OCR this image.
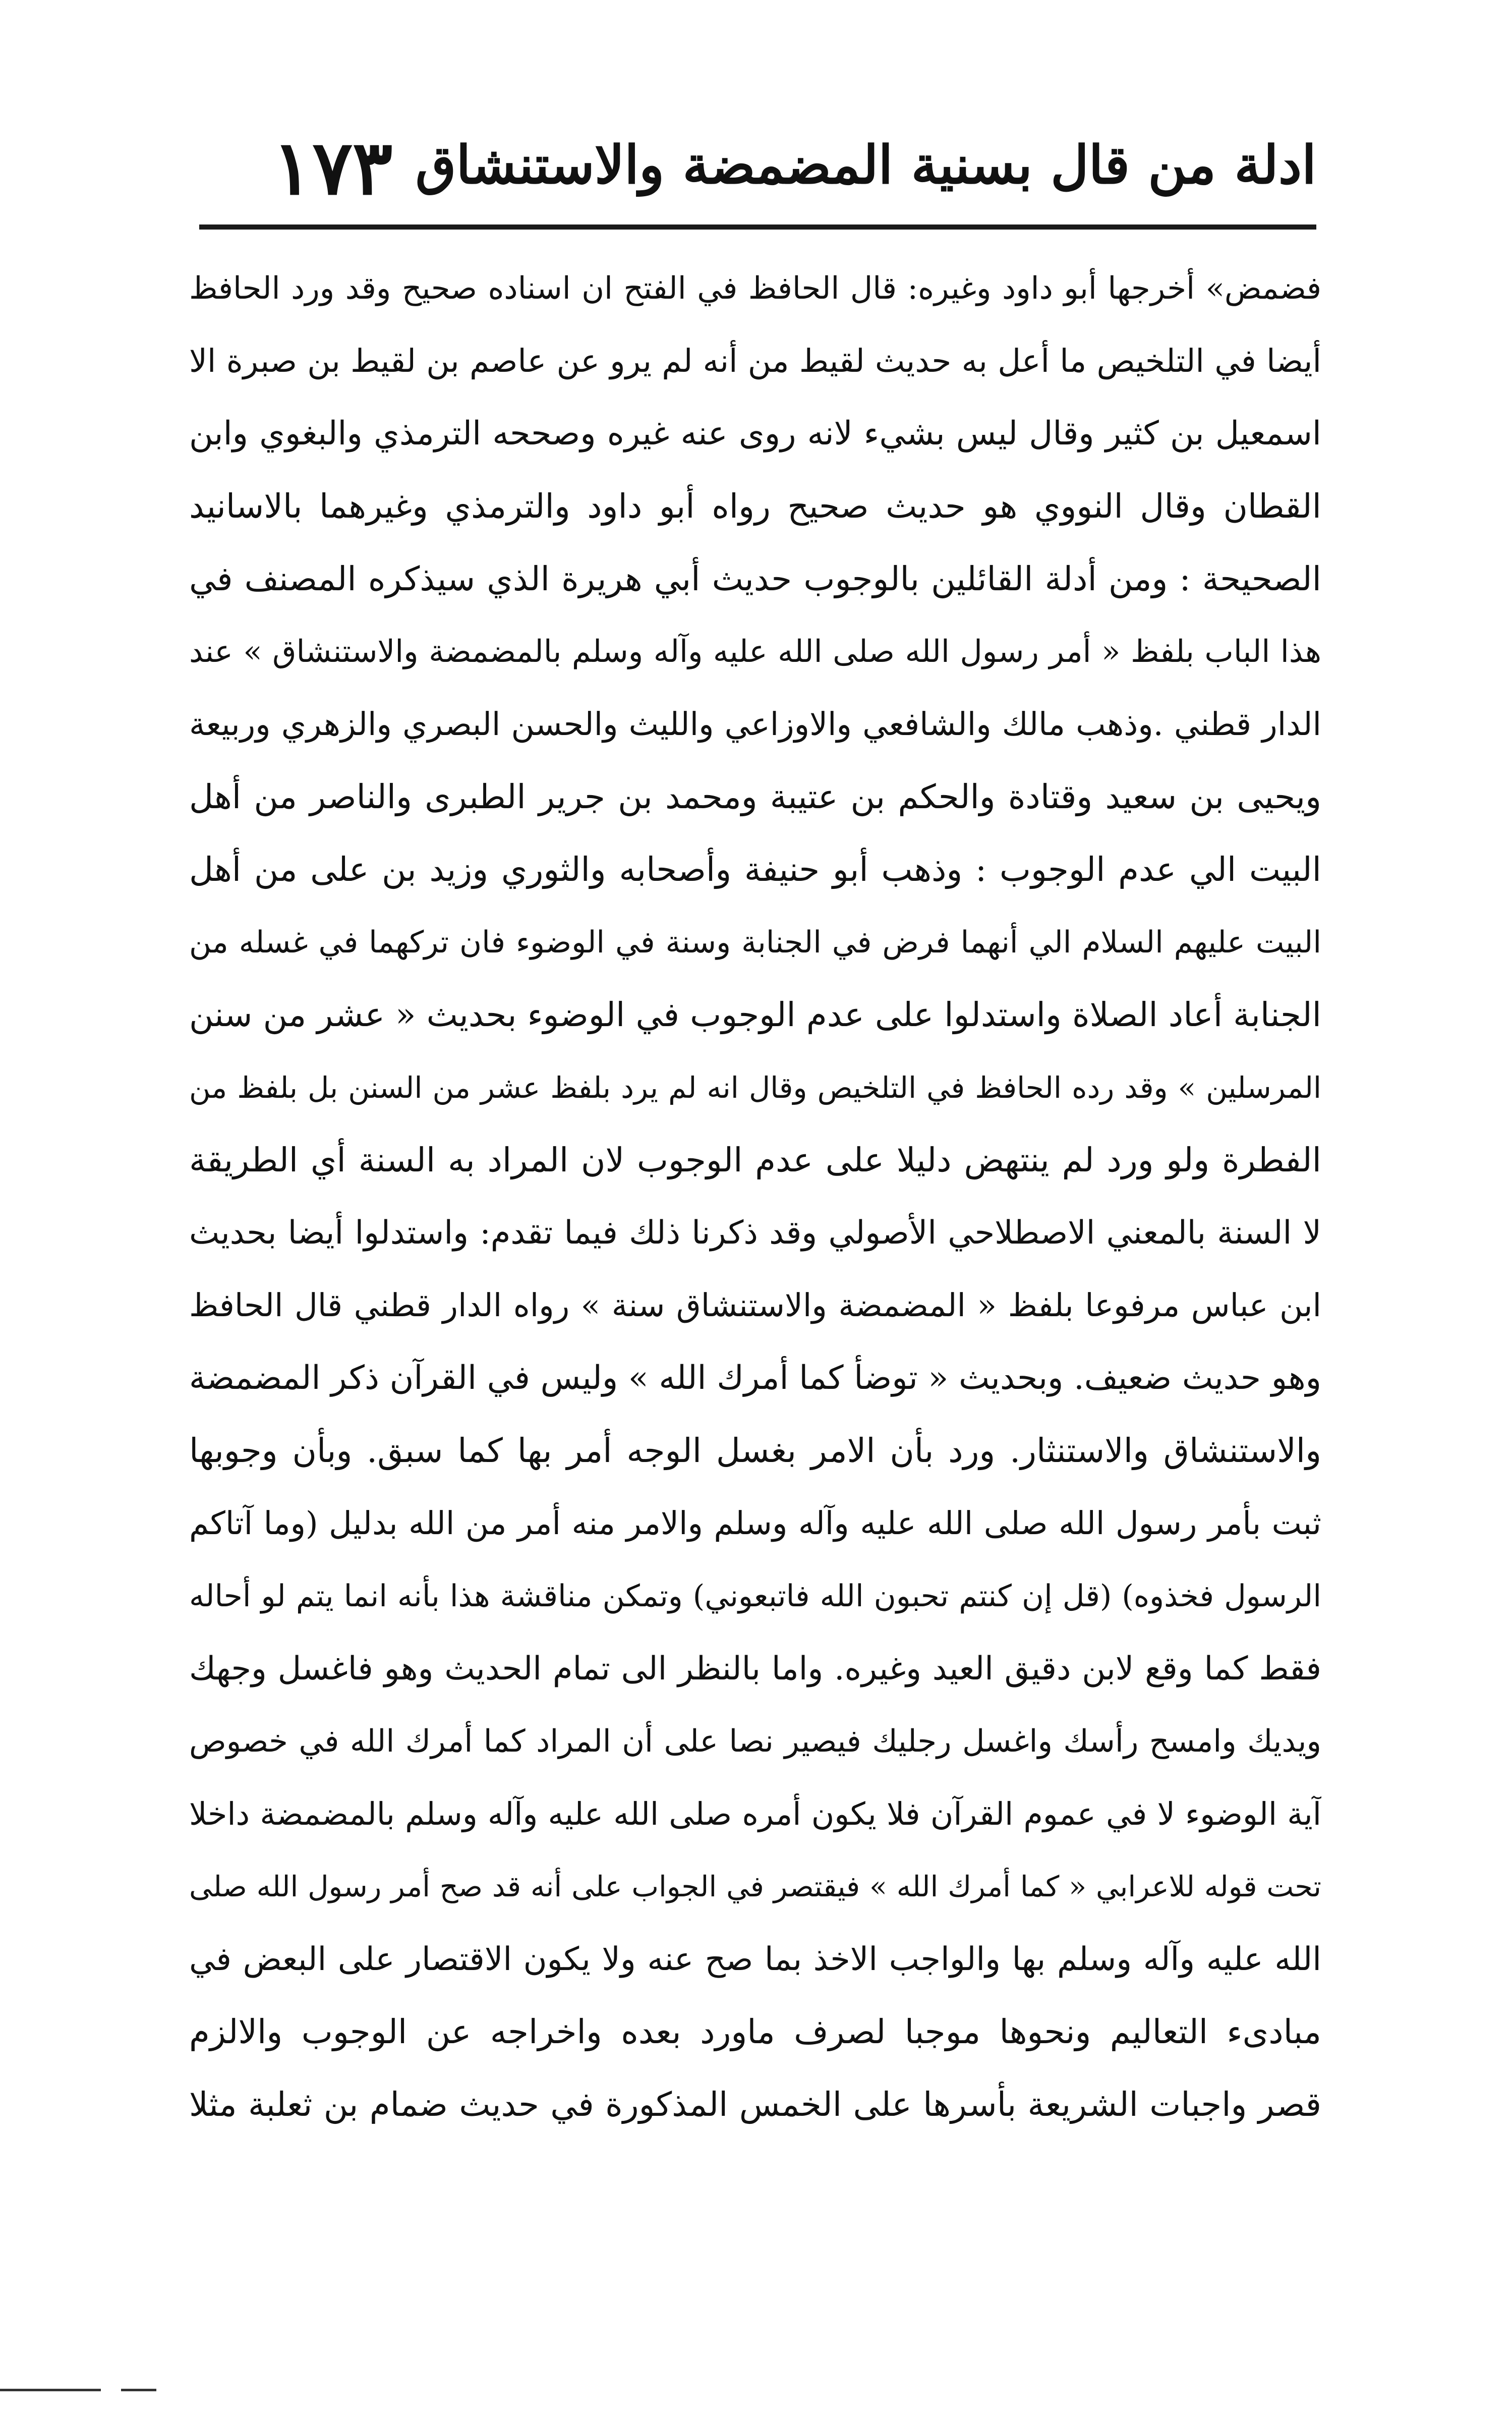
ادلة من قال بسنية المضمضة والاستنشاق
١٧٣
فضمض» أخرجها أبو داود وغيره: قال الحافظ في الفتح ان اسناده صحيح وقد ورد الحافظ
أيضا في التلخيص ما أعل به حديث لقيط من أنه لم يرو عن عاصم بن لقيط بن صبرة الا
اسمعيل بن كثير وقال ليس بشيء لانه روى عنه غيره وصححه الترمذي والبغوي وابن
القطان وقال النووي هو حديث صحيح رواه أبو داود والترمذي وغيرهما بالاسانيد
الصحيحة : ومن أدلة القائلين بالوجوب حديث أبي هريرة الذي سيذكره المصنف في
هذا الباب بلفظ « أمر رسول الله صلى الله عليه وآله وسلم بالمضمضة والاستنشاق » عند
الدار قطني .وذهب مالك والشافعي والاوزاعي والليث والحسن البصري والزهري وربيعة
ويحيى بن سعيد وقتادة والحكم بن عتيبة ومحمد بن جرير الطبرى والناصر من أهل
البيت الي عدم الوجوب : وذهب أبو حنيفة وأصحابه والثوري وزيد بن على من أهل
البيت عليهم السلام الي أنهما فرض في الجنابة وسنة في الوضوء فان تركهما في غسله من
الجنابة أعاد الصلاة واستدلوا على عدم الوجوب في الوضوء بحديث « عشر من سنن
المرسلين » وقد رده الحافظ في التلخيص وقال انه لم يرد بلفظ عشر من السنن بل بلفظ من
الفطرة ولو ورد لم ينتهض دليلا على عدم الوجوب لان المراد به السنة أي الطريقة
لا السنة بالمعني الاصطلاحي الأصولي وقد ذكرنا ذلك فيما تقدم: واستدلوا أيضا بحديث
ابن عباس مرفوعا بلفظ « المضمضة والاستنشاق سنة » رواه الدار قطني قال الحافظ
وهو حديث ضعيف. وبحديث « توضأ كما أمرك الله » وليس في القرآن ذكر المضمضة
والاستنشاق والاستنثار. ورد بأن الامر بغسل الوجه أمر بها كما سبق. وبأن وجوبها
ثبت بأمر رسول الله صلى الله عليه وآله وسلم والامر منه أمر من الله بدليل (وما آتاكم
الرسول فخذوه) (قل إن كنتم تحبون الله فاتبعوني) وتمكن مناقشة هذا بأنه انما يتم لو أحاله
فقط كما وقع لابن دقيق العيد وغيره. واما بالنظر الى تمام الحديث وهو فاغسل وجهك
ويديك وامسح رأسك واغسل رجليك فيصير نصا على أن المراد كما أمرك الله في خصوص
آية الوضوء لا في عموم القرآن فلا يكون أمره صلى الله عليه وآله وسلم بالمضمضة داخلا
تحت قوله للاعرابي « كما أمرك الله » فيقتصر في الجواب على أنه قد صح أمر رسول الله صلى
الله عليه وآله وسلم بها والواجب الاخذ بما صح عنه ولا يكون الاقتصار على البعض في
مبادىء التعاليم ونحوها موجبا لصرف ماورد بعده واخراجه عن الوجوب والالزم
قصر واجبات الشريعة بأسرها على الخمس المذكورة في حديث ضمام بن ثعلبة مثلا
